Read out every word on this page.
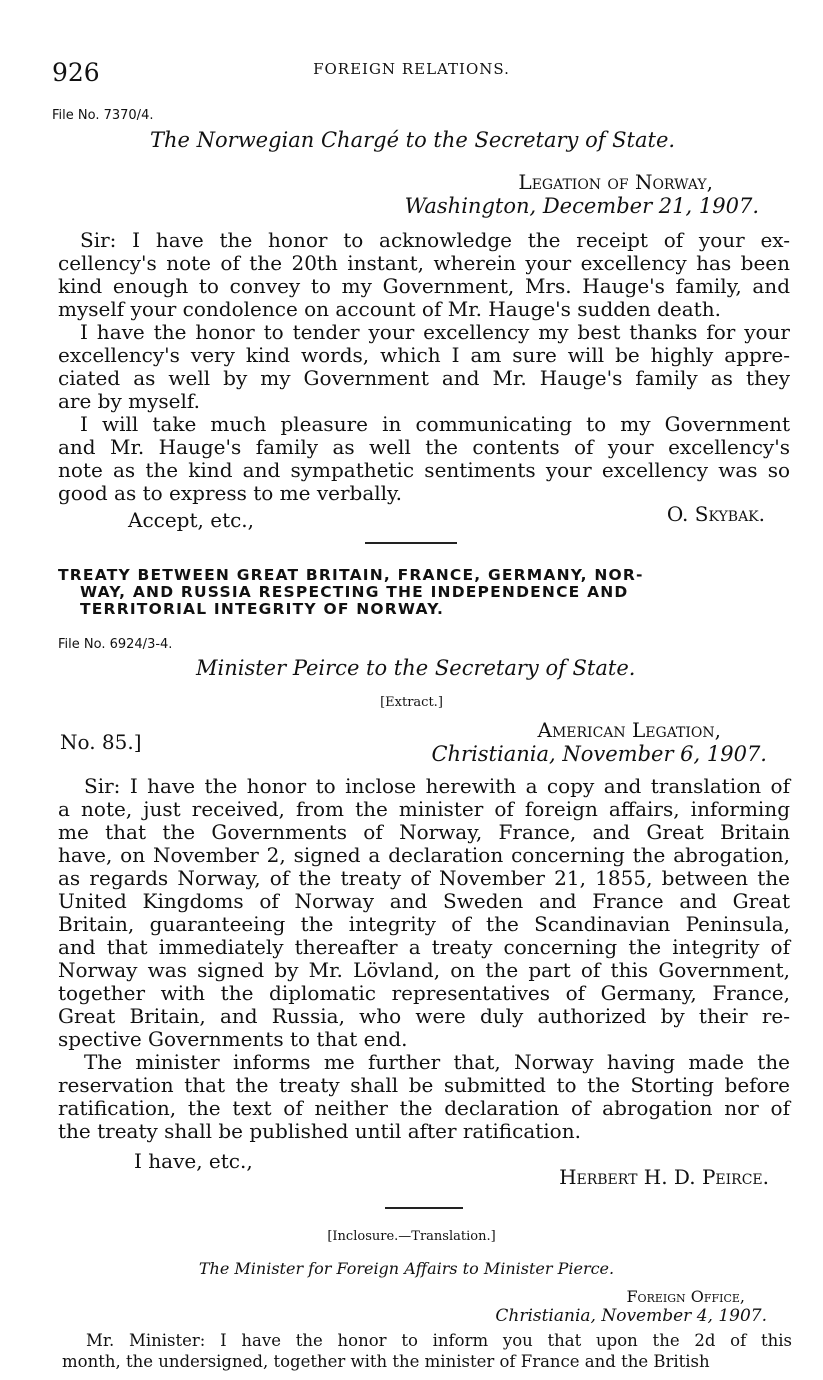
926	FOREIGN RELATIONS.
File No. 7370/4.
The Norwegian Chargé to the Secretary of State.
Legation of Norway,
Washington, December 21, 1907.
Sir: I have the honor to acknowledge the receipt of your ex-
cellency's note of the 20th instant, wherein your excellency has been
kind enough to convey to my Government, Mrs. Hauge's family, and
myself your condolence on account of Mr. Hauge's sudden death.
I have the honor to tender your excellency my best thanks for your
excellency's very kind words, which I am sure will be highly appre-
ciated as well by my Government and Mr. Hauge's family as they
are by myself.
I will take much pleasure in communicating to my Government
and Mr. Hauge's family as well the contents of your excellency's
note as the kind and sympathetic sentiments your excellency was so
good as to express to me verbally.
Accept, etc.,	O. Skybak.
TREATY BETWEEN GREAT BRITAIN, FRANCE, GERMANY, NOR-
WAY, AND RUSSIA RESPECTING THE INDEPENDENCE AND
TERRITORIAL INTEGRITY OF NORWAY.
File No. 6924/3-4.
Minister Peirce to the Secretary of State.
[Extract.]
No. 85.]	American Legation,
Christiania, November 6, 1907.
Sir: I have the honor to inclose herewith a copy and translation of
a note, just received, from the minister of foreign affairs, informing
me that the Governments of Norway, France, and Great Britain
have, on November 2, signed a declaration concerning the abrogation,
as regards Norway, of the treaty of November 21, 1855, between the
United Kingdoms of Norway and Sweden and France and Great
Britain, guaranteeing the integrity of the Scandinavian Peninsula,
and that immediately thereafter a treaty concerning the integrity of
Norway was signed by Mr. Lövland, on the part of this Government,
together with the diplomatic representatives of Germany, France,
Great Britain, and Russia, who were duly authorized by their re-
spective Governments to that end.
The minister informs me further that, Norway having made the
reservation that the treaty shall be submitted to the Storting before
ratification, the text of neither the declaration of abrogation nor of
the treaty shall be published until after ratification.
I have, etc.,
Herbert H. D. Peirce.
[Inclosure.—Translation.]
The Minister for Foreign Affairs to Minister Pierce.
Foreign Office,
Christiania, November 4, 1907.
Mr. Minister: I have the honor to inform you that upon the 2d of this
month, the undersigned, together with the minister of France and the British
